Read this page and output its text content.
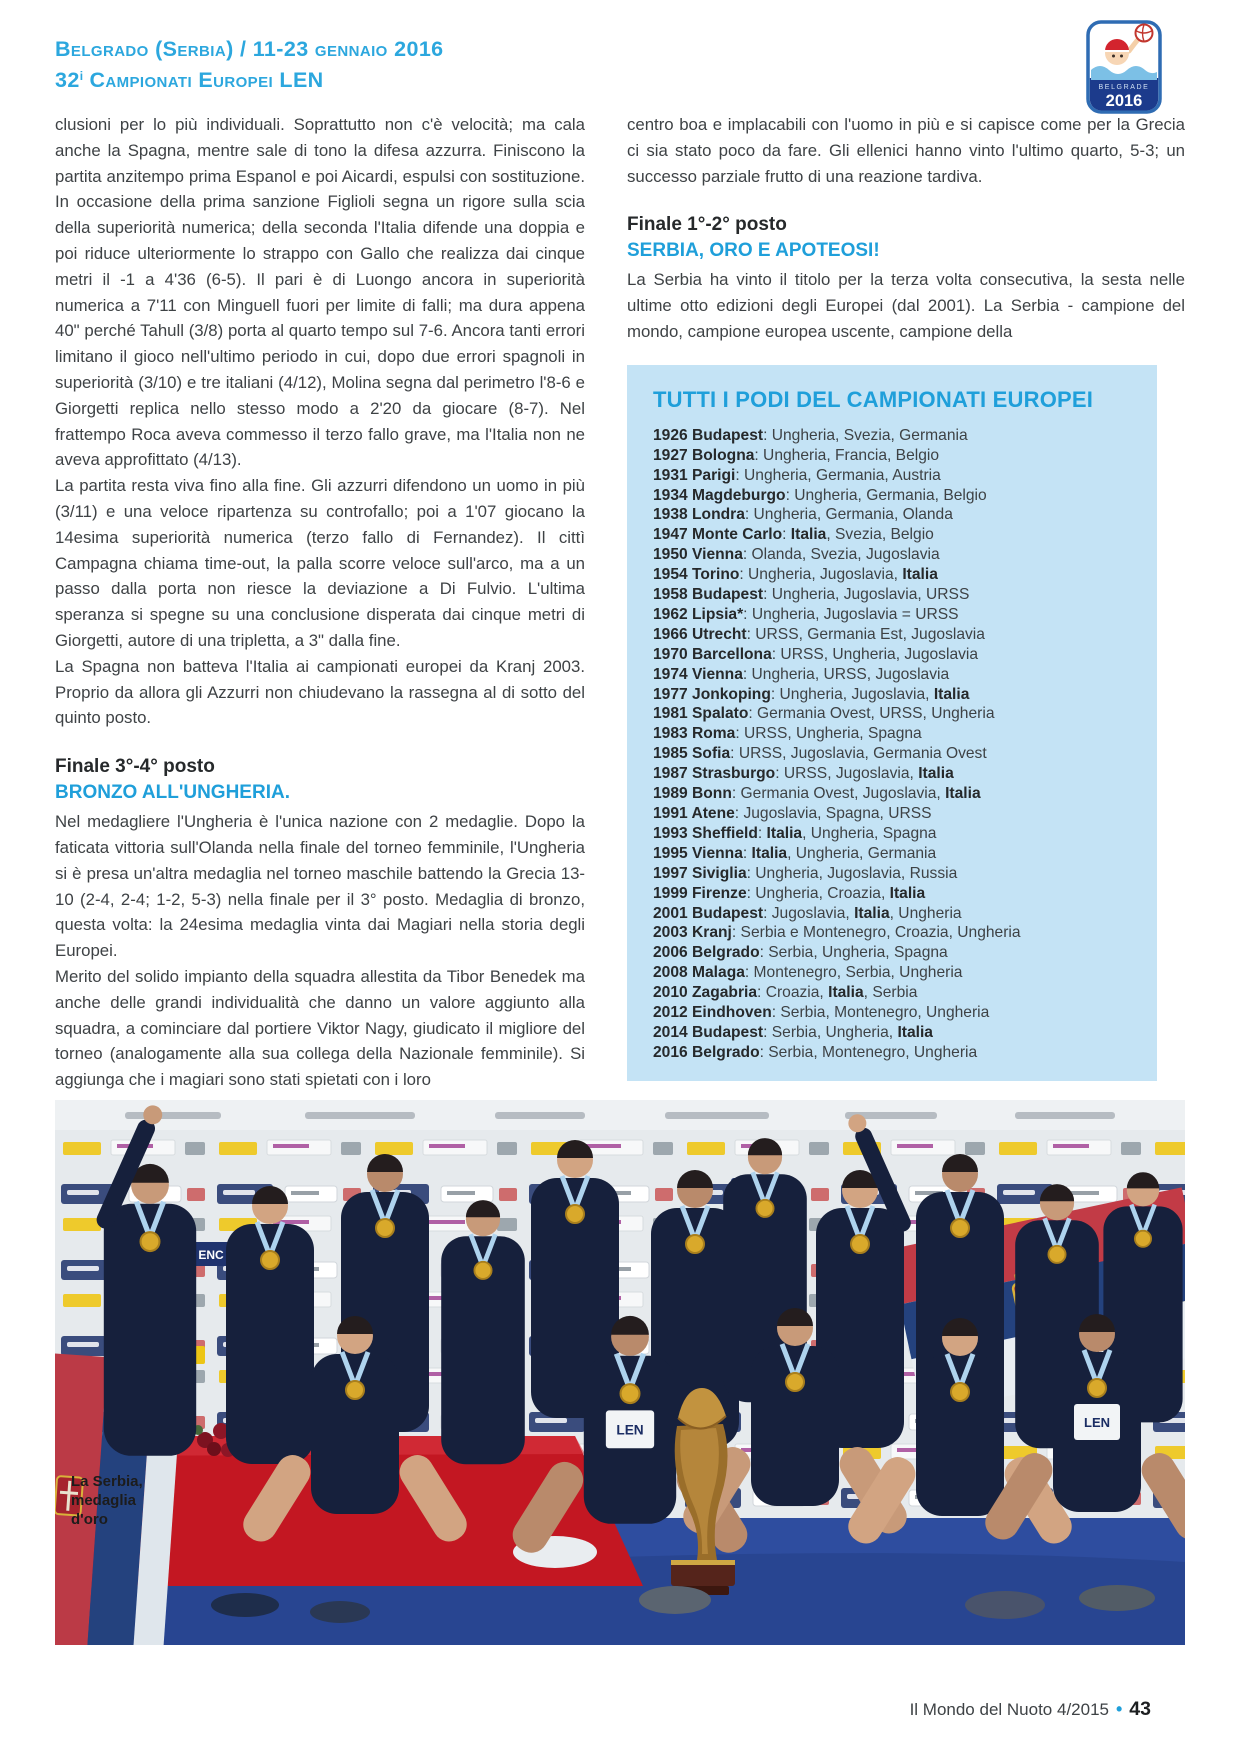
Belgrado (Serbia) / 11-23 gennaio 2016
32$^i$ Campionati Europei LEN	BELGRADE
2016

clusioni per lo più individuali. Soprattutto non c'è velocità; ma cala anche la Spagna, mentre sale di tono la difesa azzurra. Finiscono la partita anzitempo prima Espanol e poi Aicardi, espulsi con sostituzione. In occasione della prima sanzione Figlioli segna un rigore sulla scia della superiorità numerica; della seconda l'Italia difende una doppia e poi riduce ulteriormente lo strappo con Gallo che realizza dai cinque metri il -1 a 4'36 (6-5). Il pari è di Luongo ancora in superiorità numerica a 7'11 con Minguell fuori per limite di falli; ma dura appena 40" perché Tahull (3/8) porta al quarto tempo sul 7-6. Ancora tanti errori limitano il gioco nell'ultimo periodo in cui, dopo due errori spagnoli in superiorità (3/10) e tre italiani (4/12), Molina segna dal perimetro l'8-6 e Giorgetti replica nello stesso modo a 2'20 da giocare (8-7). Nel frattempo Roca aveva commesso il terzo fallo grave, ma l'Italia non ne aveva approfittato (4/13).

La partita resta viva fino alla fine. Gli azzurri difendono un uomo in più (3/11) e una veloce ripartenza su controfallo; poi a 1'07 giocano la 14esima superiorità numerica (terzo fallo di Fernandez). Il cittì Campagna chiama time-out, la palla scorre veloce sull'arco, ma a un passo dalla porta non riesce la deviazione a Di Fulvio. L'ultima speranza si spegne su una conclusione disperata dai cinque metri di Giorgetti, autore di una tripletta, a 3" dalla fine.

La Spagna non batteva l'Italia ai campionati europei da Kranj 2003. Proprio da allora gli Azzurri non chiudevano la rassegna al di sotto del quinto posto.

Finale 3°-4° posto
BRONZO ALL'UNGHERIA.

Nel medagliere l'Ungheria è l'unica nazione con 2 medaglie. Dopo la faticata vittoria sull'Olanda nella finale del torneo femminile, l'Ungheria si è presa un'altra medaglia nel torneo maschile battendo la Grecia 13-10 (2-4, 2-4; 1-2, 5-3) nella finale per il 3° posto. Medaglia di bronzo, questa volta: la 24esima medaglia vinta dai Magiari nella storia degli Europei.

Merito del solido impianto della squadra allestita da Tibor Benedek ma anche delle grandi individualità che danno un valore aggiunto alla squadra, a cominciare dal portiere Viktor Nagy, giudicato il migliore del torneo (analogamente alla sua collega della Nazionale femminile). Si aggiunga che i magiari sono stati spietati con i loro

centro boa e implacabili con l'uomo in più e si capisce come per la Grecia ci sia stato poco da fare. Gli ellenici hanno vinto l'ultimo quarto, 5-3; un successo parziale frutto di una reazione tardiva.

Finale 1°-2° posto
SERBIA, ORO E APOTEOSI!

La Serbia ha vinto il titolo per la terza volta consecutiva, la sesta nelle ultime otto edizioni degli Europei (dal 2001). La Serbia - campione del mondo, campione europea uscente, campione della

TUTTI I PODI DEL CAMPIONATI EUROPEI
1926 Budapest: Ungheria, Svezia, Germania
1927 Bologna: Ungheria, Francia, Belgio
1931 Parigi: Ungheria, Germania, Austria
1934 Magdeburgo: Ungheria, Germania, Belgio
1938 Londra: Ungheria, Germania, Olanda
1947 Monte Carlo: Italia, Svezia, Belgio
1950 Vienna: Olanda, Svezia, Jugoslavia
1954 Torino: Ungheria, Jugoslavia, Italia
1958 Budapest: Ungheria, Jugoslavia, URSS
1962 Lipsia*: Ungheria, Jugoslavia = URSS
1966 Utrecht: URSS, Germania Est, Jugoslavia
1970 Barcellona: URSS, Ungheria, Jugoslavia
1974 Vienna: Ungheria, URSS, Jugoslavia
1977 Jonkoping: Ungheria, Jugoslavia, Italia
1981 Spalato: Germania Ovest, URSS, Ungheria
1983 Roma: URSS, Ungheria, Spagna
1985 Sofia: URSS, Jugoslavia, Germania Ovest
1987 Strasburgo: URSS, Jugoslavia, Italia
1989 Bonn: Germania Ovest, Jugoslavia, Italia
1991 Atene: Jugoslavia, Spagna, URSS
1993 Sheffield: Italia, Ungheria, Spagna
1995 Vienna: Italia, Ungheria, Germania
1997 Siviglia: Ungheria, Jugoslavia, Russia
1999 Firenze: Ungheria, Croazia, Italia
2001 Budapest: Jugoslavia, Italia, Ungheria
2003 Kranj: Serbia e Montenegro, Croazia, Ungheria
2006 Belgrado: Serbia, Ungheria, Spagna
2008 Malaga: Montenegro, Serbia, Ungheria
2010 Zagabria: Croazia, Italia, Serbia
2012 Eindhoven: Serbia, Montenegro, Ungheria
2014 Budapest: Serbia, Ungheria, Italia
2016 Belgrado: Serbia, Montenegro, Ungheria
ENC
LEN
LEN
La Serbia, medaglia d'oro
Il Mondo del Nuoto 4/2015 • 43
